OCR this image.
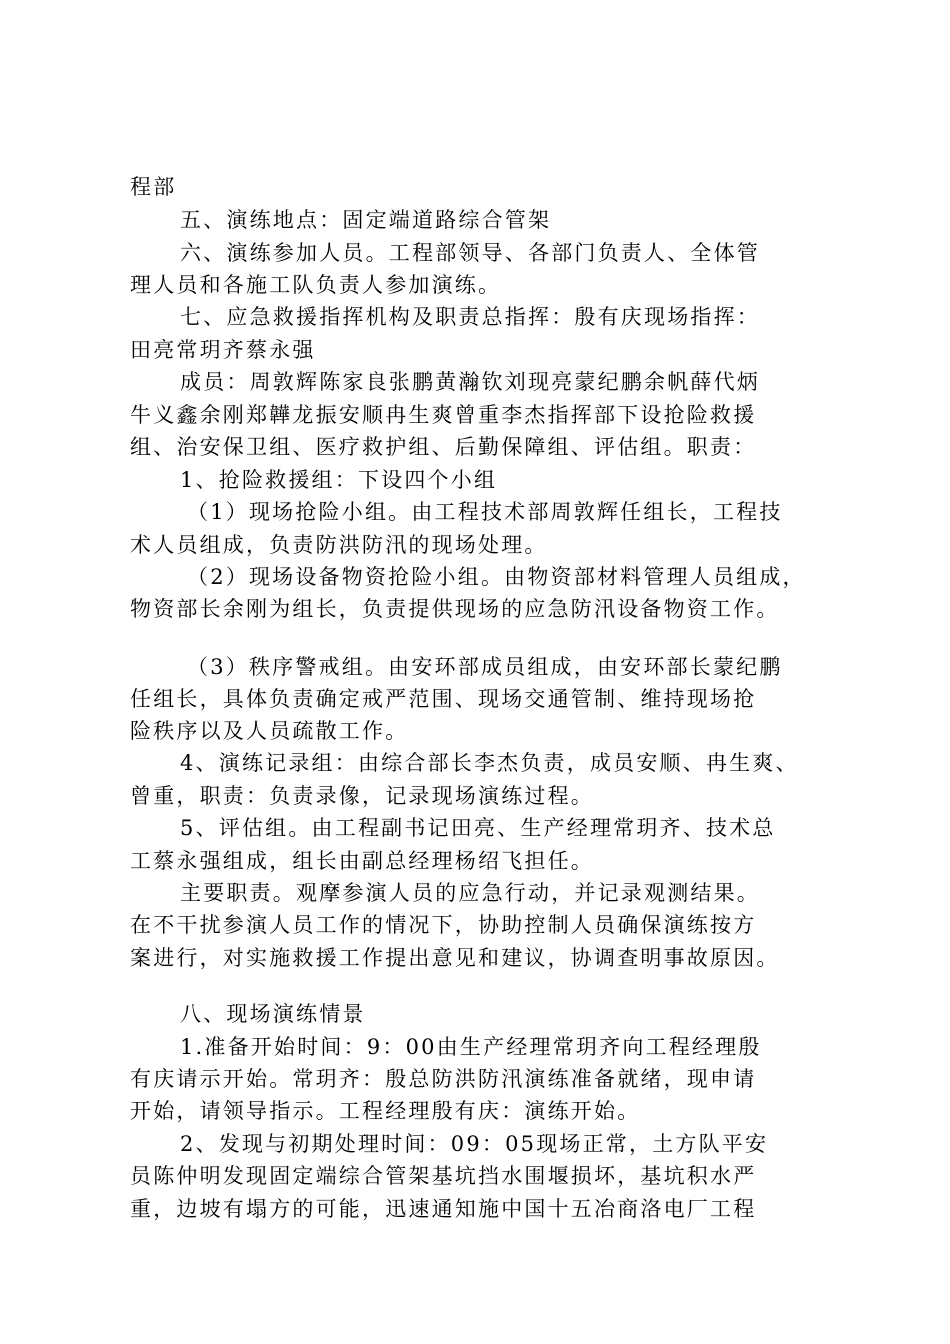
程部
五、演练地点：固定端道路综合管架
六、演练参加人员。工程部领导、各部门负责人、全体管
理人员和各施工队负责人参加演练。
七、应急救援指挥机构及职责总指挥：殷有庆现场指挥：
田亮常玥齐蔡永强
成员：周敦辉陈家良张鹏黄瀚钦刘现亮蒙纪鹏余帆薛代炳
牛义鑫余刚郑韡龙振安顺冉生爽曾重李杰指挥部下设抢险救援
组、治安保卫组、医疗救护组、后勤保障组、评估组。职责：
1、抢险救援组：下设四个小组
（1）现场抢险小组。由工程技术部周敦辉任组长，工程技
术人员组成，负责防洪防汛的现场处理。
（2）现场设备物资抢险小组。由物资部材料管理人员组成，
物资部长余刚为组长，负责提供现场的应急防汛设备物资工作。
（3）秩序警戒组。由安环部成员组成，由安环部长蒙纪鹏
任组长，具体负责确定戒严范围、现场交通管制、维持现场抢
险秩序以及人员疏散工作。
4、演练记录组：由综合部长李杰负责，成员安顺、冉生爽、
曾重，职责：负责录像，记录现场演练过程。
5、评估组。由工程副书记田亮、生产经理常玥齐、技术总
工蔡永强组成，组长由副总经理杨绍飞担任。
主要职责。观摩参演人员的应急行动，并记录观测结果。
在不干扰参演人员工作的情况下，协助控制人员确保演练按方
案进行，对实施救援工作提出意见和建议，协调查明事故原因。
八、现场演练情景
1.准备开始时间：9：00由生产经理常玥齐向工程经理殷
有庆请示开始。常玥齐：殷总防洪防汛演练准备就绪，现申请
开始，请领导指示。工程经理殷有庆：演练开始。
2、发现与初期处理时间：09：05现场正常，土方队平安
员陈仲明发现固定端综合管架基坑挡水围堰损坏，基坑积水严
重，边坡有塌方的可能，迅速通知施中国十五冶商洛电厂工程
